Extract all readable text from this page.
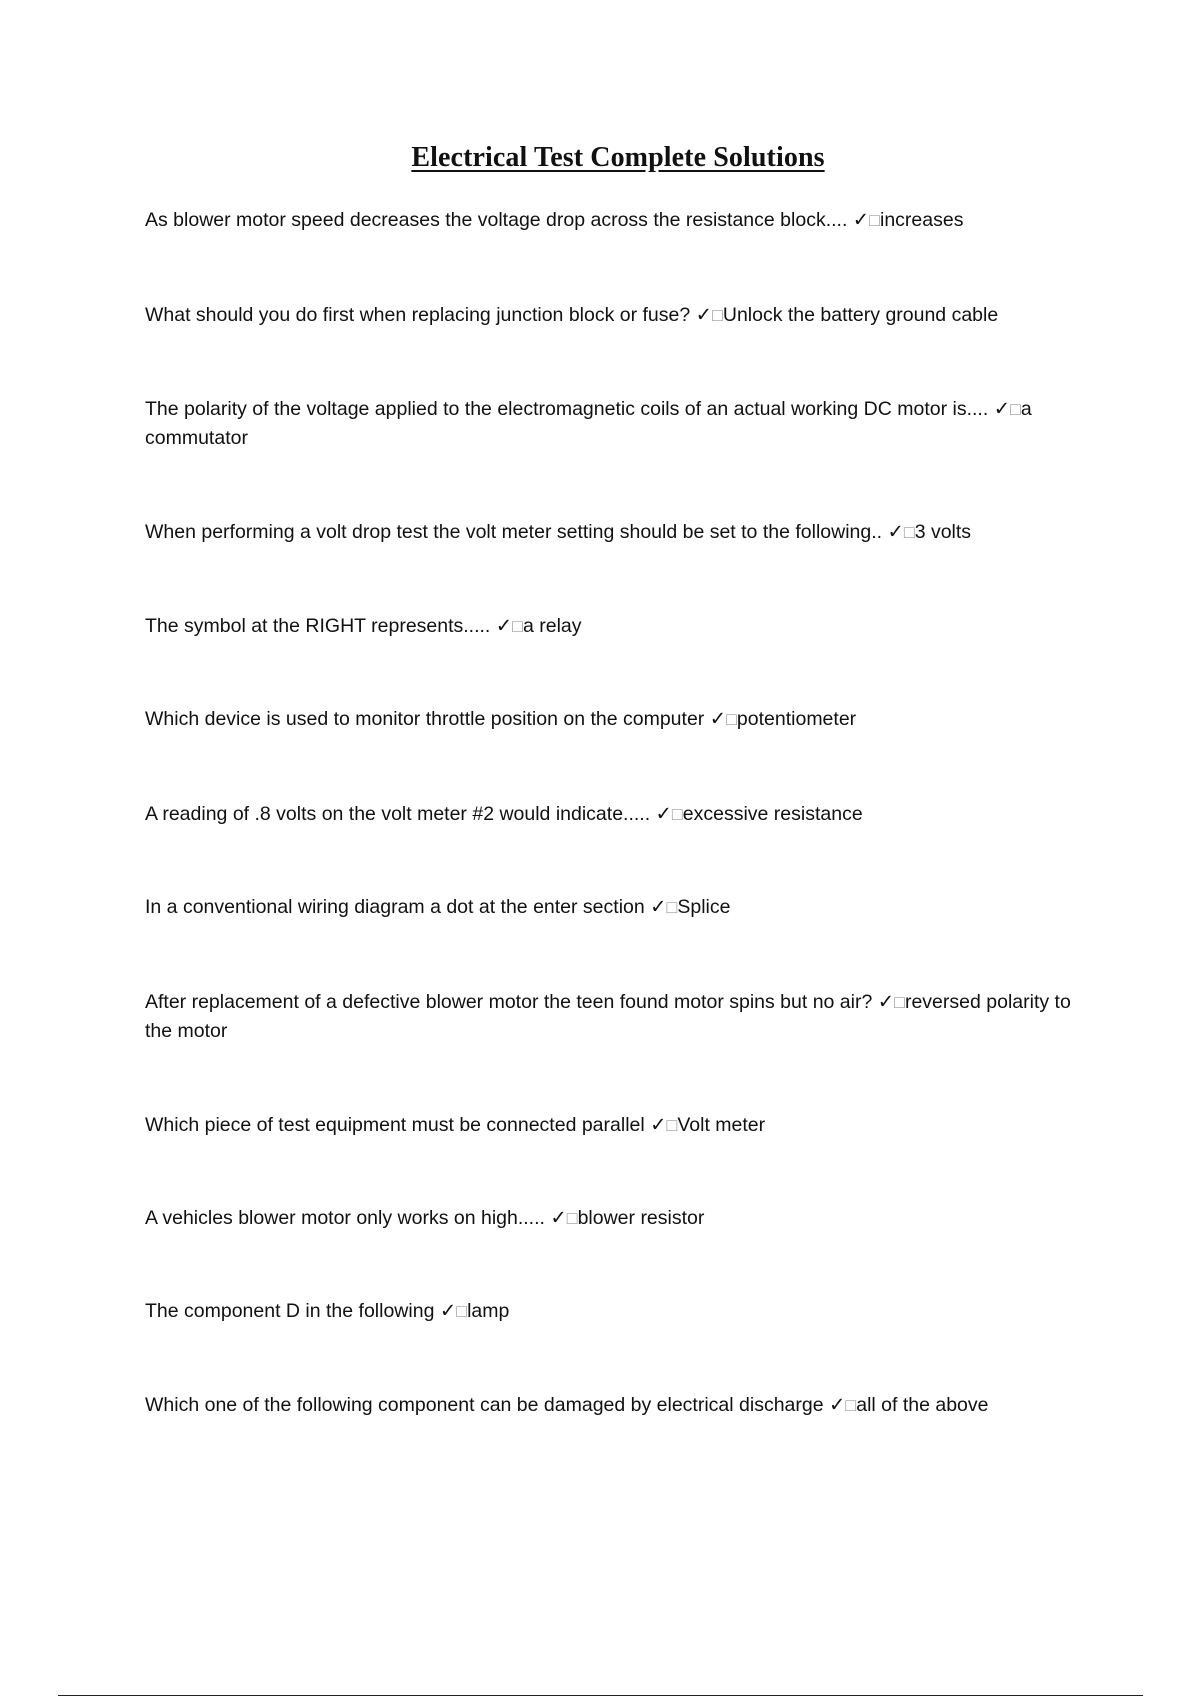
Electrical Test Complete Solutions
As blower motor speed decreases the voltage drop across the resistance block.... ✓□increases
What should you do first when replacing junction block or fuse? ✓□Unlock the battery ground cable
The polarity of the voltage applied to the electromagnetic coils of an actual working DC motor is.... ✓□a commutator
When performing a volt drop test the volt meter setting should be set to the following.. ✓□3 volts
The symbol at the RIGHT represents..... ✓□a relay
Which device is used to monitor throttle position on the computer ✓□potentiometer
A reading of .8 volts on the volt meter #2 would indicate..... ✓□excessive resistance
In a conventional wiring diagram a dot at the enter section ✓□Splice
After replacement of a defective blower motor the teen found motor spins but no air? ✓□reversed polarity to the motor
Which piece of test equipment must be connected parallel ✓□Volt meter
A vehicles blower motor only works on high..... ✓□blower resistor
The component D in the following ✓□lamp
Which one of the following component can be damaged by electrical discharge ✓□all of the above
